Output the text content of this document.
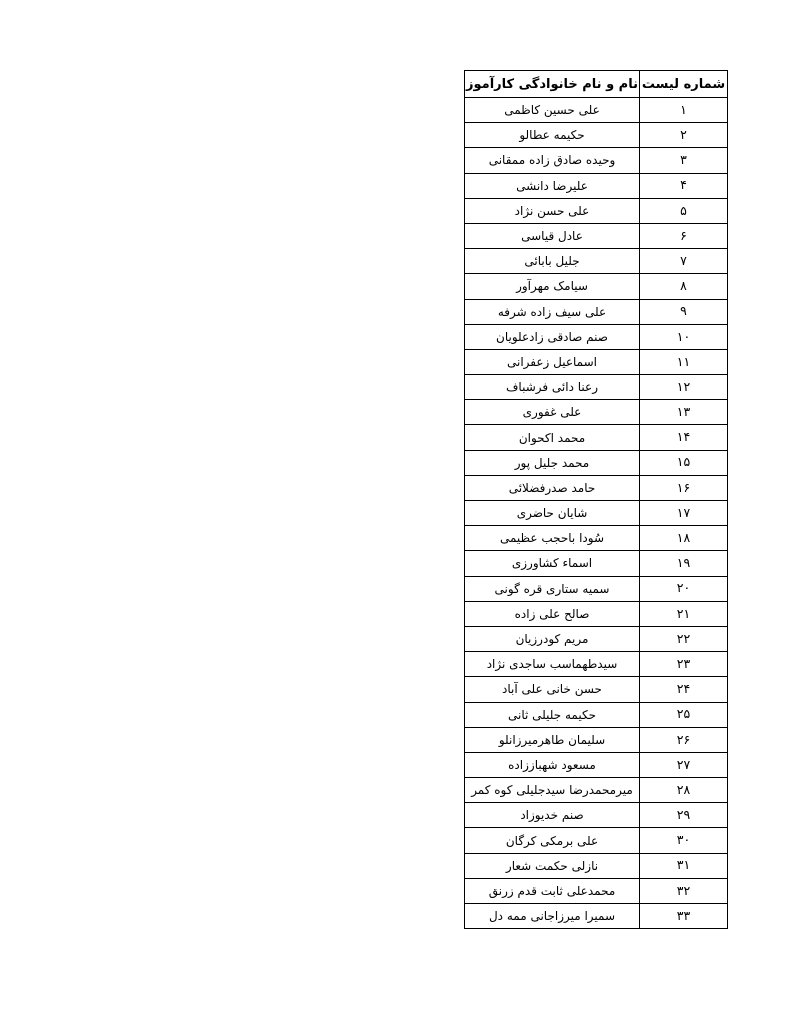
شماره لیست	نام و نام خانوادگی کارآموز
۱	علی حسین کاظمی
۲	حکیمه عطالو
۳	وحیده صادق زاده ممقانی
۴	علیرضا دانشی
۵	علی حسن نژاد
۶	عادل قیاسی
۷	جلیل بابائی
۸	سیامک مهرآور
۹	علی سیف زاده شرفه
۱۰	صنم صادقی زادعلویان
۱۱	اسماعیل زعفرانی
۱۲	رعنا دائی فرشباف
۱۳	علی غفوری
۱۴	محمد اکحوان
۱۵	محمد جلیل پور
۱۶	حامد صدرفضلائی
۱۷	شایان حاضری
۱۸	سُودا باحجب عظیمی
۱۹	اسماء کشاورزی
۲۰	سمیه ستاری قره گونی
۲۱	صالح علی زاده
۲۲	مریم کودرزیان
۲۳	سیدطهماسب ساجدی نژاد
۲۴	حسن خانی علی آباد
۲۵	حکیمه جلیلی ثانی
۲۶	سلیمان طاهرمیرزانلو
۲۷	مسعود شهباززاده
۲۸	میرمحمدرضا سیدجلیلی کوه کمر
۲۹	صنم خدیوزاد
۳۰	علی برمکی کرگان
۳۱	نازلی حکمت شعار
۳۲	محمدعلی ثابت قدم زرنق
۳۳	سمیرا میرزاجانی ممه دل
